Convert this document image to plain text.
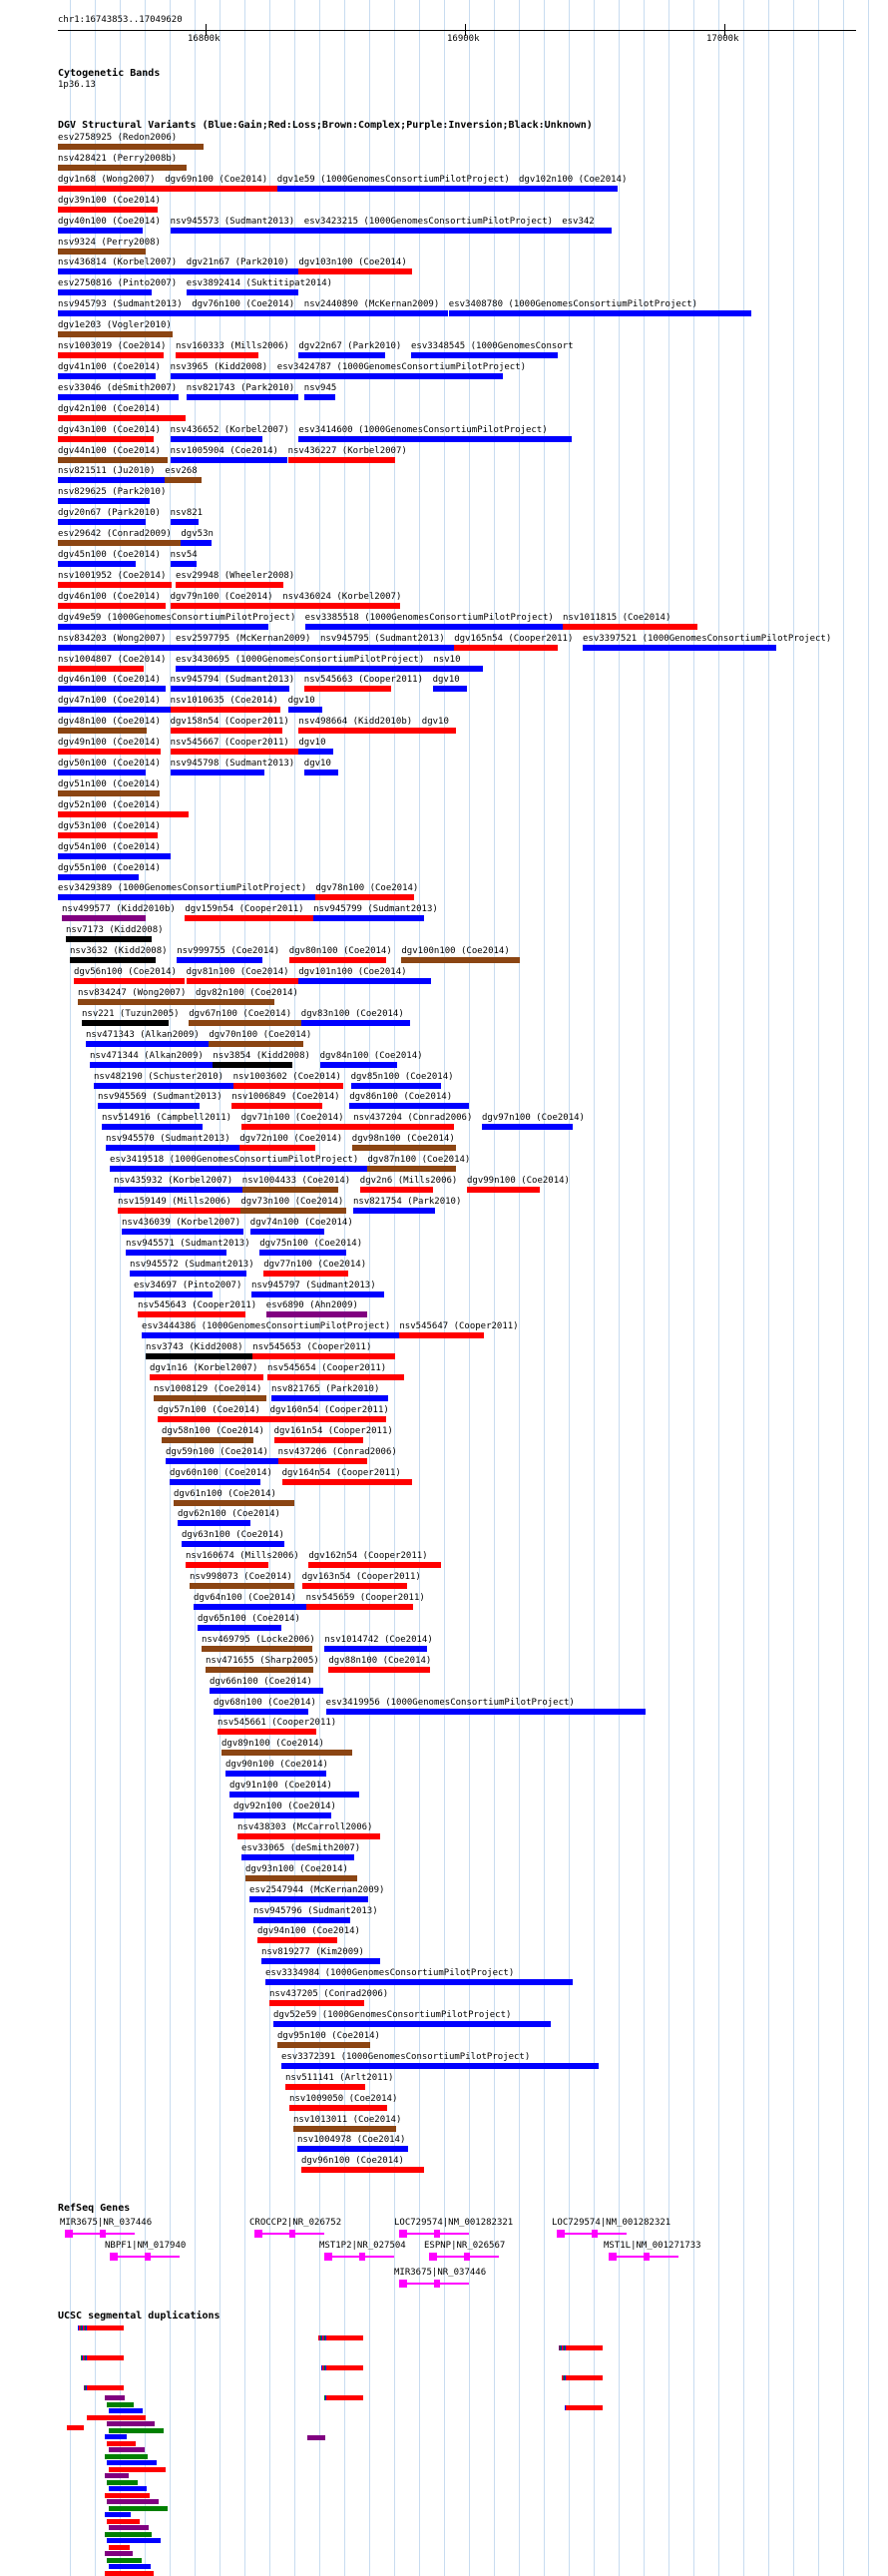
chr1:16743853..17049620
16800k	16900k	17000k
Cytogenetic Bands
1p36.13
DGV Structural Variants (Blue:Gain;Red:Loss;Brown:Complex;Purple:Inversion;Black:Unknown)
esv2758925 (Redon2006)
nsv428421 (Perry2008b)
dgv1n68 (Wong2007) dgv69n100 (Coe2014) dgv1e59 (1000GenomesConsortiumPilotProject) dgv102n100 (Coe2014)
dgv39n100 (Coe2014)
dgv40n100 (Coe2014) nsv945573 (Sudmant2013) esv3423215 (1000GenomesConsortiumPilotProject) esv342
nsv9324 (Perry2008)
nsv436814 (Korbel2007) dgv21n67 (Park2010) dgv103n100 (Coe2014)
esv2750816 (Pinto2007) esv3892414 (Suktitipat2014)
nsv945793 (Sudmant2013) dgv76n100 (Coe2014) nsv2440890 (McKernan2009) esv3408780 (1000GenomesConsortiumPilotProject)
dgv1e203 (Vogler2010)
nsv1003019 (Coe2014) nsv160333 (Mills2006) dgv22n67 (Park2010) esv3348545 (1000GenomesConsort
dgv41n100 (Coe2014) nsv3965 (Kidd2008) esv3424787 (1000GenomesConsortiumPilotProject)
esv33046 (deSmith2007) nsv821743 (Park2010) nsv945
dgv42n100 (Coe2014)
dgv43n100 (Coe2014) nsv436652 (Korbel2007) esv3414600 (1000GenomesConsortiumPilotProject)
dgv44n100 (Coe2014) nsv1005904 (Coe2014) nsv436227 (Korbel2007)
nsv821511 (Ju2010) esv268
nsv829625 (Park2010)
dgv20n67 (Park2010) nsv821
esv29642 (Conrad2009) dgv53n
dgv45n100 (Coe2014) nsv54
nsv1001952 (Coe2014) esv29948 (Wheeler2008)
dgv46n100 (Coe2014) dgv79n100 (Coe2014) nsv436024 (Korbel2007)
dgv49e59 (1000GenomesConsortiumPilotProject) esv3385518 (1000GenomesConsortiumPilotProject) nsv1011815 (Coe2014)
nsv834203 (Wong2007) esv2597795 (McKernan2009) nsv945795 (Sudmant2013) dgv165n54 (Cooper2011) esv3397521 (1000GenomesConsortiumPilotProject)
nsv1004807 (Coe2014) esv3430695 (1000GenomesConsortiumPilotProject) nsv10
dgv46n100 (Coe2014) nsv945794 (Sudmant2013) nsv545663 (Cooper2011) dgv10
dgv47n100 (Coe2014) nsv1010635 (Coe2014) dgv10
dgv48n100 (Coe2014) dgv158n54 (Cooper2011) nsv498664 (Kidd2010b) dgv10
dgv49n100 (Coe2014) nsv545667 (Cooper2011) dgv10
dgv50n100 (Coe2014) nsv945798 (Sudmant2013) dgv10
dgv51n100 (Coe2014)
dgv52n100 (Coe2014)
dgv53n100 (Coe2014)
dgv54n100 (Coe2014)
dgv55n100 (Coe2014)
esv3429389 (1000GenomesConsortiumPilotProject) dgv78n100 (Coe2014)
nsv499577 (Kidd2010b) dgv159n54 (Cooper2011) nsv945799 (Sudmant2013)
nsv7173 (Kidd2008)
nsv3632 (Kidd2008) nsv999755 (Coe2014) dgv80n100 (Coe2014) dgv100n100 (Coe2014)
dgv56n100 (Coe2014) dgv81n100 (Coe2014) dgv101n100 (Coe2014)
nsv834247 (Wong2007) dgv82n100 (Coe2014)
nsv221 (Tuzun2005) dgv67n100 (Coe2014) dgv83n100 (Coe2014)
nsv471343 (Alkan2009) dgv70n100 (Coe2014)
nsv471344 (Alkan2009) nsv3854 (Kidd2008) dgv84n100 (Coe2014)
nsv482190 (Schuster2010) nsv1003602 (Coe2014) dgv85n100 (Coe2014)
nsv945569 (Sudmant2013) nsv1006849 (Coe2014) dgv86n100 (Coe2014)
nsv514916 (Campbell2011) dgv71n100 (Coe2014) nsv437204 (Conrad2006) dgv97n100 (Coe2014)
nsv945570 (Sudmant2013) dgv72n100 (Coe2014) dgv98n100 (Coe2014)
esv3419518 (1000GenomesConsortiumPilotProject) dgv87n100 (Coe2014)
nsv435932 (Korbel2007) nsv1004433 (Coe2014) dgv2n6 (Mills2006) dgv99n100 (Coe2014)
nsv159149 (Mills2006) dgv73n100 (Coe2014) nsv821754 (Park2010)
nsv436039 (Korbel2007) dgv74n100 (Coe2014)
nsv945571 (Sudmant2013) dgv75n100 (Coe2014)
nsv945572 (Sudmant2013) dgv77n100 (Coe2014)
esv34697 (Pinto2007) nsv945797 (Sudmant2013)
nsv545643 (Cooper2011) esv6890 (Ahn2009)
esv3444386 (1000GenomesConsortiumPilotProject) nsv545647 (Cooper2011)
nsv3743 (Kidd2008) nsv545653 (Cooper2011)
dgv1n16 (Korbel2007) nsv545654 (Cooper2011)
nsv1008129 (Coe2014) nsv821765 (Park2010)
dgv57n100 (Coe2014) dgv160n54 (Cooper2011)
dgv58n100 (Coe2014) dgv161n54 (Cooper2011)
dgv59n100 (Coe2014) nsv437206 (Conrad2006)
dgv60n100 (Coe2014) dgv164n54 (Cooper2011)
dgv61n100 (Coe2014)
dgv62n100 (Coe2014)
dgv63n100 (Coe2014)
nsv160674 (Mills2006) dgv162n54 (Cooper2011)
nsv998073 (Coe2014) dgv163n54 (Cooper2011)
dgv64n100 (Coe2014) nsv545659 (Cooper2011)
dgv65n100 (Coe2014)
nsv469795 (Locke2006) nsv1014742 (Coe2014)
nsv471655 (Sharp2005) dgv88n100 (Coe2014)
dgv66n100 (Coe2014)
dgv68n100 (Coe2014) esv3419956 (1000GenomesConsortiumPilotProject)
nsv545661 (Cooper2011)
dgv89n100 (Coe2014)
dgv90n100 (Coe2014)
dgv91n100 (Coe2014)
dgv92n100 (Coe2014)
nsv438303 (McCarroll2006)
esv33065 (deSmith2007)
dgv93n100 (Coe2014)
esv2547944 (McKernan2009)
nsv945796 (Sudmant2013)
dgv94n100 (Coe2014)
nsv819277 (Kim2009)
esv3334984 (1000GenomesConsortiumPilotProject)
nsv437205 (Conrad2006)
dgv52e59 (1000GenomesConsortiumPilotProject)
dgv95n100 (Coe2014)
esv3372391 (1000GenomesConsortiumPilotProject)
nsv511141 (Arlt2011)
nsv1009050 (Coe2014)
nsv1013011 (Coe2014)
nsv1004978 (Coe2014)
dgv96n100 (Coe2014)
RefSeq Genes
MIR3675|NR_037446	CROCCP2|NR_026752	LOC729574|NM_001282321	LOC729574|NM_001282321
NBPF1|NM_017940	MST1P2|NR_027504 ESPNP|NR_026567	MST1L|NM_001271733
MIR3675|NR_037446
UCSC segmental duplications
